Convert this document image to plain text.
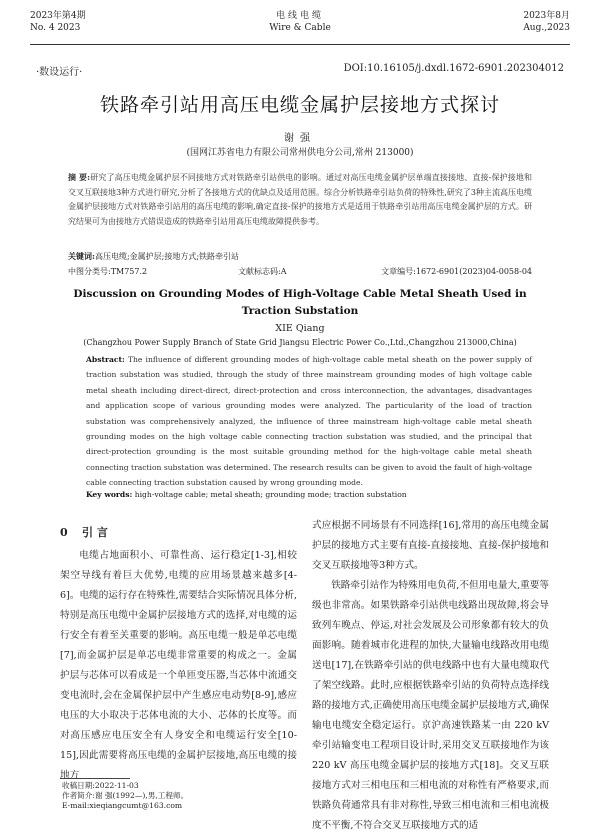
2023年第4期
No. 4 2023
电线电缆
Wire & Cable
2023年8月
Aug.,2023
·数设运行·	DOI:10.16105/j.dxdl.1672-6901.202304012
铁路牵引站用高压电缆金属护层接地方式探讨
谢强
(国网江苏省电力有限公司常州供电分公司,常州 213000)
摘 要:研究了高压电缆金属护层不同接地方式对铁路牵引站供电的影响。通过对高压电缆金属护层单端直接接地、直接-保护接地和交叉互联接地3种方式进行研究,分析了各接地方式的优缺点及适用范围。综合分析铁路牵引站负荷的特殊性,研究了3种主流高压电缆金属护层接地方式对铁路牵引站用的高压电缆的影响,确定直接-保护的接地方式是适用于铁路牵引站用高压电缆金属护层的方式。研究结果可为由接地方式错误造成的铁路牵引站用高压电缆故障提供参考。
关键词:高压电缆;金属护层;接地方式;铁路牵引站
中图分类号:TM757.2	文献标志码:A	文章编号:1672-6901(2023)04-0058-04
Discussion on Grounding Modes of High-Voltage Cable Metal Sheath Used in Traction Substation
XIE Qiang
(Changzhou Power Supply Branch of State Grid Jiangsu Electric Power Co.,Ltd.,Changzhou 213000,China)
Abstract: The influence of different grounding modes of high-voltage cable metal sheath on the power supply of traction substation was studied, through the study of three mainstream grounding modes of high voltage cable metal sheath including direct-direct, direct-protection and cross interconnection, the advantages, disadvantages and application scope of various grounding modes were analyzed. The particularity of the load of traction substation was comprehensively analyzed, the influence of three mainstream high-voltage cable metal sheath grounding modes on the high voltage cable connecting traction substation was studied, and the principal that direct-protection grounding is the most suitable grounding method for the high-voltage cable metal sheath connecting traction substation was determined. The research results can be given to avoid the fault of high-voltage cable connecting traction substation caused by wrong grounding mode.
Key words: high-voltage cable; metal sheath; grounding mode; traction substation
0 引 言

电缆占地面积小、可靠性高、运行稳定[1-3],相较架空导线有着巨大优势,电缆的应用场景越来越多[4-6]。电缆的运行存在特殊性,需要结合实际情况具体分析,特别是高压电缆中金属护层接地方式的选择,对电缆的运行安全有着至关重要的影响。高压电缆一般是单芯电缆[7],而金属护层是单芯电缆非常重要的构成之一。金属护层与芯体可以看成是一个单匝变压器,当芯体中流通交变电流时,会在金属保护层中产生感应电动势[8-9],感应电压的大小取决于芯体电流的大小、芯体的长度等。而对高压感应电压安全有人身安全和电缆运行安全[10-15],因此需要将高压电缆的金属护层接地,高压电缆的接地方

式应根据不同场景有不同选择[16],常用的高压电缆金属护层的接地方式主要有直接-直接接地、直接-保护接地和交叉互联接地等3种方式。

铁路牵引站作为特殊用电负荷,不但用电量大,重要等级也非常高。如果铁路牵引站供电线路出现故障,将会导致列车晚点、停运,对社会发展及公司形象都有较大的负面影响。随着城市化进程的加快,大量输电线路改用电缆送电[17],在铁路牵引站的供电线路中也有大量电缆取代了架空线路。此时,应根据铁路牵引站的负荷特点选择线路的接地方式,正确使用高压电缆金属护层接地方式,确保输电电缆安全稳定运行。京沪高速铁路某一由 220 kV 牵引站输变电工程项目设计时,采用交叉互联接地作为该 220 kV 高压电缆金属护层的接地方式[18]。交叉互联接地方式对三相电压和三相电流的对称性有严格要求,而铁路负荷通常具有非对称性,导致三相电流和三相电流极度不平衡,不符合交叉互联接地方式的适

收稿日期:2022-11-03
作者简介:谢 强(1992—),男,工程师。
E-mail:xieqiangcumt@163.com
